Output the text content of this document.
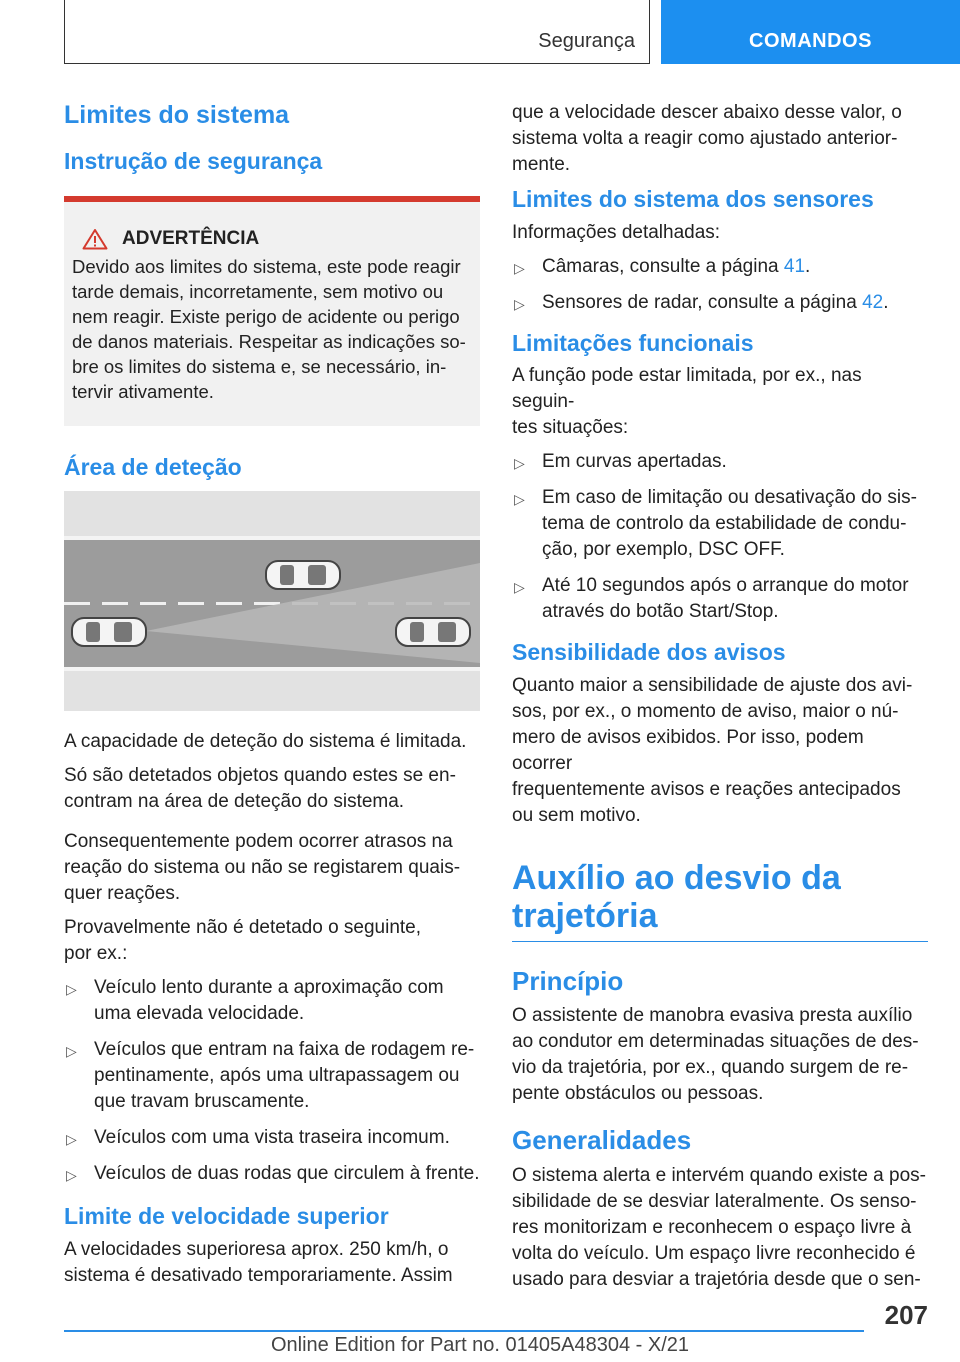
Segurança	COMANDOS
Limites do sistema
Instrução de segurança
ADVERTÊNCIA

Devido aos limites do sistema, este pode reagir
tarde demais, incorretamente, sem motivo ou
nem reagir. Existe perigo de acidente ou perigo
de danos materiais. Respeitar as indicações so‐
bre os limites do sistema e, se necessário, in‐
tervir ativamente.

Área de deteção

A capacidade de deteção do sistema é limitada.

Só são detetados objetos quando estes se en‐
contram na área de deteção do sistema.

Consequentemente podem ocorrer atrasos na
reação do sistema ou não se registarem quais‐
quer reações.

Provavelmente não é detetado o seguinte,
por ex.:

▷ Veículo lento durante a aproximação com
uma elevada velocidade.
▷ Veículos que entram na faixa de rodagem re‐
pentinamente, após uma ultrapassagem ou
que travam bruscamente.
▷ Veículos com uma vista traseira incomum.
▷ Veículos de duas rodas que circulem à frente.
Limite de velocidade superior

A velocidades superioresa aprox. 250 km/h, o
sistema é desativado temporariamente. Assim

que a velocidade descer abaixo desse valor, o
sistema volta a reagir como ajustado anterior‐
mente.

Limites do sistema dos sensores

Informações detalhadas:

▷ Câmaras, consulte a página 41.
▷ Sensores de radar, consulte a página 42.
Limitações funcionais

A função pode estar limitada, por ex., nas seguin‐
tes situações:

▷ Em curvas apertadas.
▷ Em caso de limitação ou desativação do sis‐
tema de controlo da estabilidade de condu‐
ção, por exemplo, DSC OFF.
▷ Até 10 segundos após o arranque do motor
através do botão Start/Stop.
Sensibilidade dos avisos

Quanto maior a sensibilidade de ajuste dos avi‐
sos, por ex., o momento de aviso, maior o nú‐
mero de avisos exibidos. Por isso, podem ocorrer
frequentemente avisos e reações antecipados
ou sem motivo.

Auxílio ao desvio da
trajetória
Princípio

O assistente de manobra evasiva presta auxílio
ao condutor em determinadas situações de des‐
vio da trajetória, por ex., quando surgem de re‐
pente obstáculos ou pessoas.

Generalidades

O sistema alerta e intervém quando existe a pos‐
sibilidade de se desviar lateralmente. Os senso‐
res monitorizam e reconhecem o espaço livre à
volta do veículo. Um espaço livre reconhecido é
usado para desviar a trajetória desde que o sen‐

207
Online Edition for Part no. 01405A48304 - X/21
